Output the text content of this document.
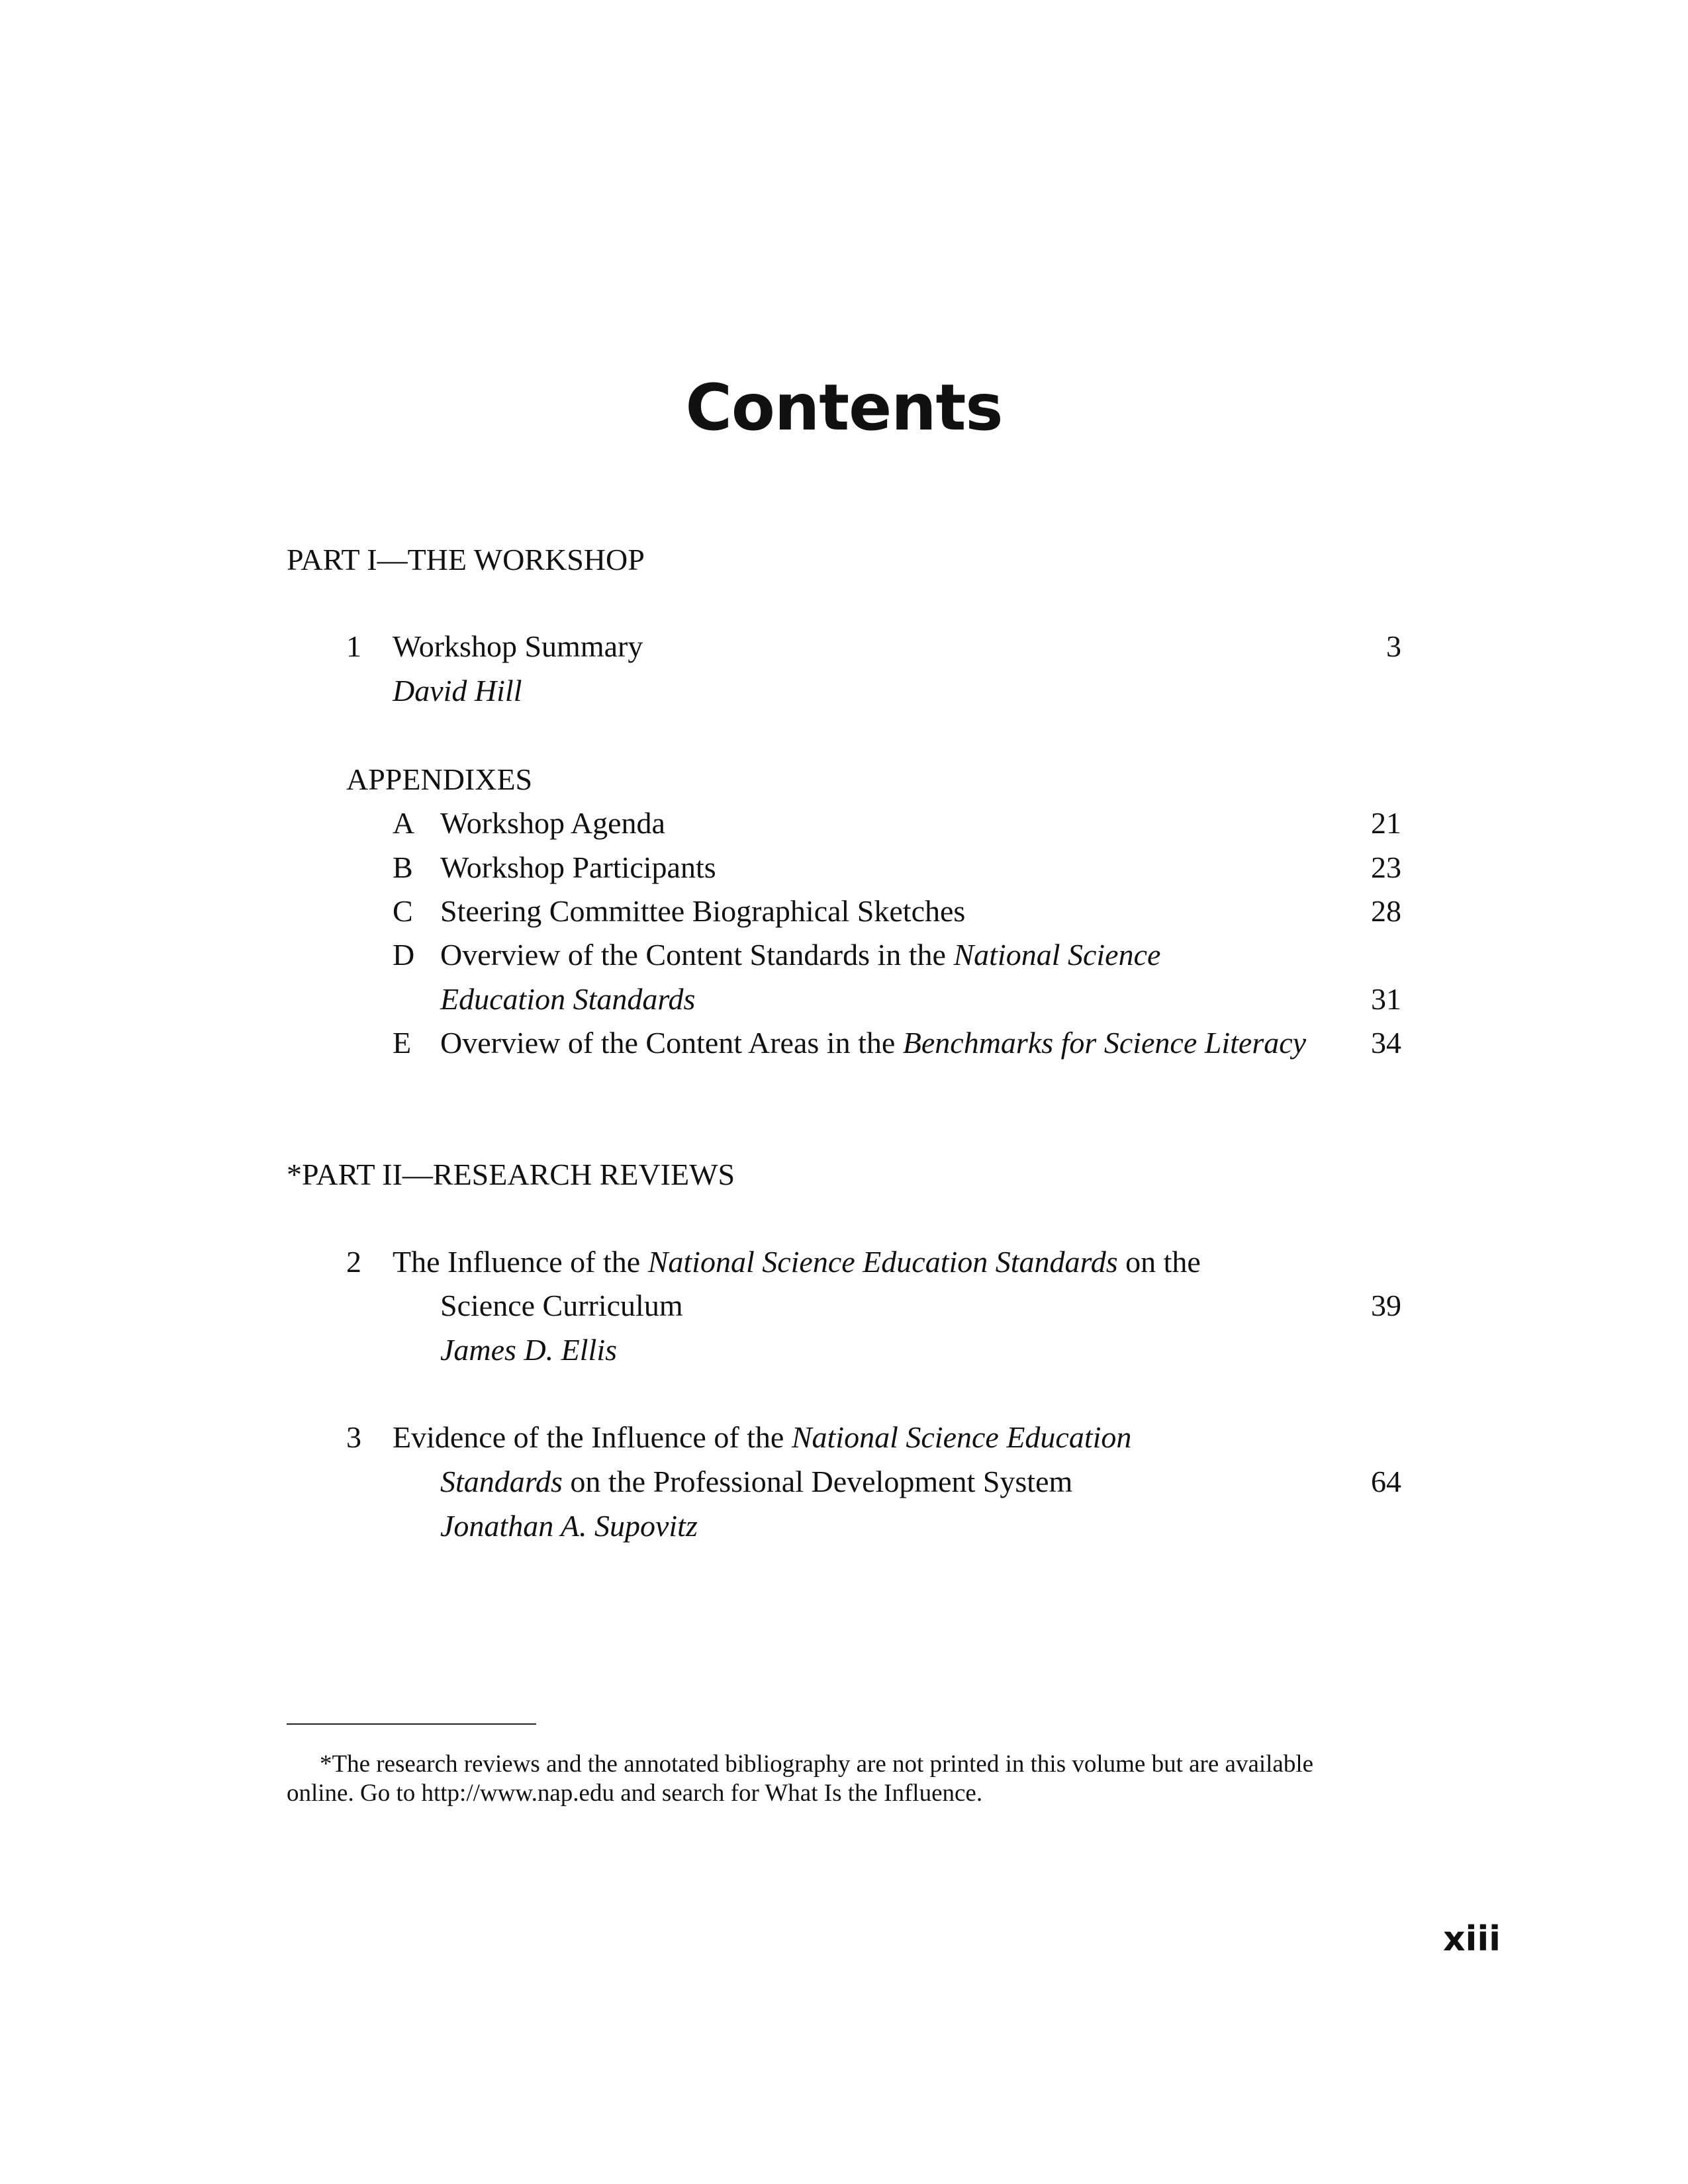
Contents
PART I—THE WORKSHOP
1 Workshop Summary	3
David Hill
APPENDIXES
A Workshop Agenda	21
B Workshop Participants	23
C Steering Committee Biographical Sketches	28
D Overview of the Content Standards in the National Science
Education Standards	31
E Overview of the Content Areas in the Benchmarks for Science Literacy 34
*PART II—RESEARCH REVIEWS
2 The Influence of the National Science Education Standards on the
Science Curriculum	39
James D. Ellis
3 Evidence of the Influence of the National Science Education
Standards on the Professional Development System	64
Jonathan A. Supovitz
*The research reviews and the annotated bibliography are not printed in this volume but are available
online. Go to http://www.nap.edu and search for What Is the Influence.
xiii
